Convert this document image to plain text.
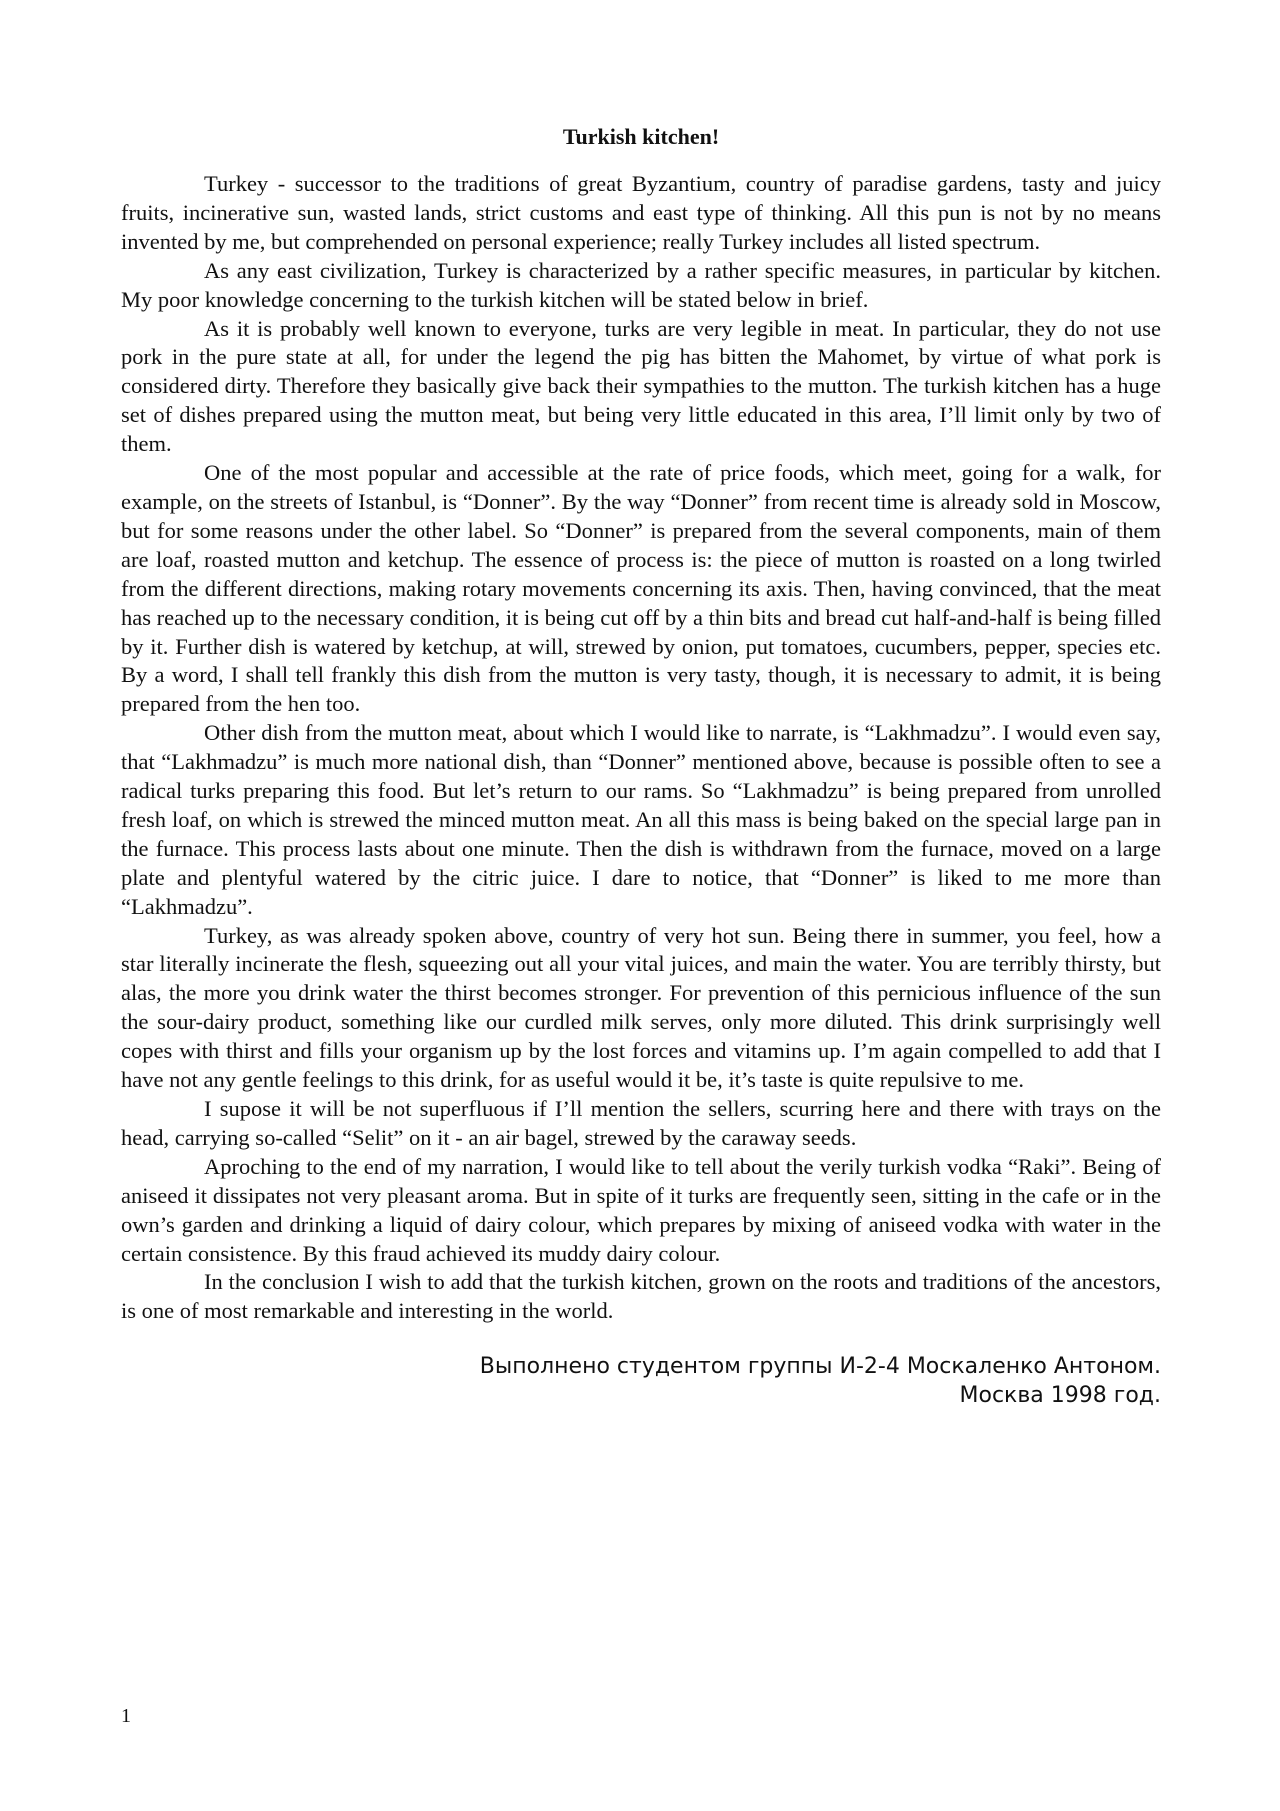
Turkish kitchen!

Turkey - successor to the traditions of great Byzantium, country of paradise gardens, tasty and juicy fruits, incinerative sun, wasted lands, strict customs and east type of thinking. All this pun is not by no means invented by me, but comprehended on personal experience; really Turkey includes all listed spectrum.

As any east civilization, Turkey is characterized by a rather specific measures, in particular by kitchen. My poor knowledge concerning to the turkish kitchen will be stated below in brief.

As it is probably well known to everyone, turks are very legible in meat. In particular, they do not use pork in the pure state at all, for under the legend the pig has bitten the Mahomet, by virtue of what pork is considered dirty. Therefore they basically give back their sympathies to the mutton. The turkish kitchen has a huge set of dishes prepared using the mutton meat, but being very little educated in this area, I’ll limit only by two of them.

One of the most popular and accessible at the rate of price foods, which meet, going for a walk, for example, on the streets of Istanbul, is “Donner”. By the way “Donner” from recent time is already sold in Moscow, but for some reasons under the other label. So “Donner” is prepared from the several components, main of them are loaf, roasted mutton and ketchup. The essence of process is: the piece of mutton is roasted on a long twirled from the different directions, making rotary movements concerning its axis. Then, having convinced, that the meat has reached up to the necessary condition, it is being cut off by a thin bits and bread cut half-and-half is being filled by it. Further dish is watered by ketchup, at will, strewed by onion, put tomatoes, cucumbers, pepper, species etc. By a word, I shall tell frankly this dish from the mutton is very tasty, though, it is necessary to admit, it is being prepared from the hen too.

Other dish from the mutton meat, about which I would like to narrate, is “Lakhmadzu”. I would even say, that “Lakhmadzu” is much more national dish, than “Donner” mentioned above, because is possible often to see a radical turks preparing this food. But let’s return to our rams. So “Lakhmadzu” is being prepared from unrolled fresh loaf, on which is strewed the minced mutton meat. An all this mass is being baked on the special large pan in the furnace. This process lasts about one minute. Then the dish is withdrawn from the furnace, moved on a large plate and plentyful watered by the citric juice. I dare to notice, that “Donner” is liked to me more than “Lakhmadzu”.

Turkey, as was already spoken above, country of very hot sun. Being there in summer, you feel, how a star literally incinerate the flesh, squeezing out all your vital juices, and main the water. You are terribly thirsty, but alas, the more you drink water the thirst becomes stronger. For prevention of this pernicious influence of the sun the sour-dairy product, something like our curdled milk serves, only more diluted. This drink surprisingly well copes with thirst and fills your organism up by the lost forces and vitamins up. I’m again compelled to add that I have not any gentle feelings to this drink, for as useful would it be, it’s taste is quite repulsive to me.

I supose it will be not superfluous if I’ll mention the sellers, scurring here and there with trays on the head, carrying so-called “Selit” on it - an air bagel, strewed by the caraway seeds.

Aproching to the end of my narration, I would like to tell about the verily turkish vodka “Raki”. Being of aniseed it dissipates not very pleasant aroma. But in spite of it turks are frequently seen, sitting in the cafe or in the own’s garden and drinking a liquid of dairy colour, which prepares by mixing of aniseed vodka with water in the certain consistence. By this fraud achieved its muddy dairy colour.

In the conclusion I wish to add that the turkish kitchen, grown on the roots and traditions of the ancestors, is one of most remarkable and interesting in the world.

Выполнено студентом группы И-2-4 Москаленко Антоном.
Москва 1998 год.
1
